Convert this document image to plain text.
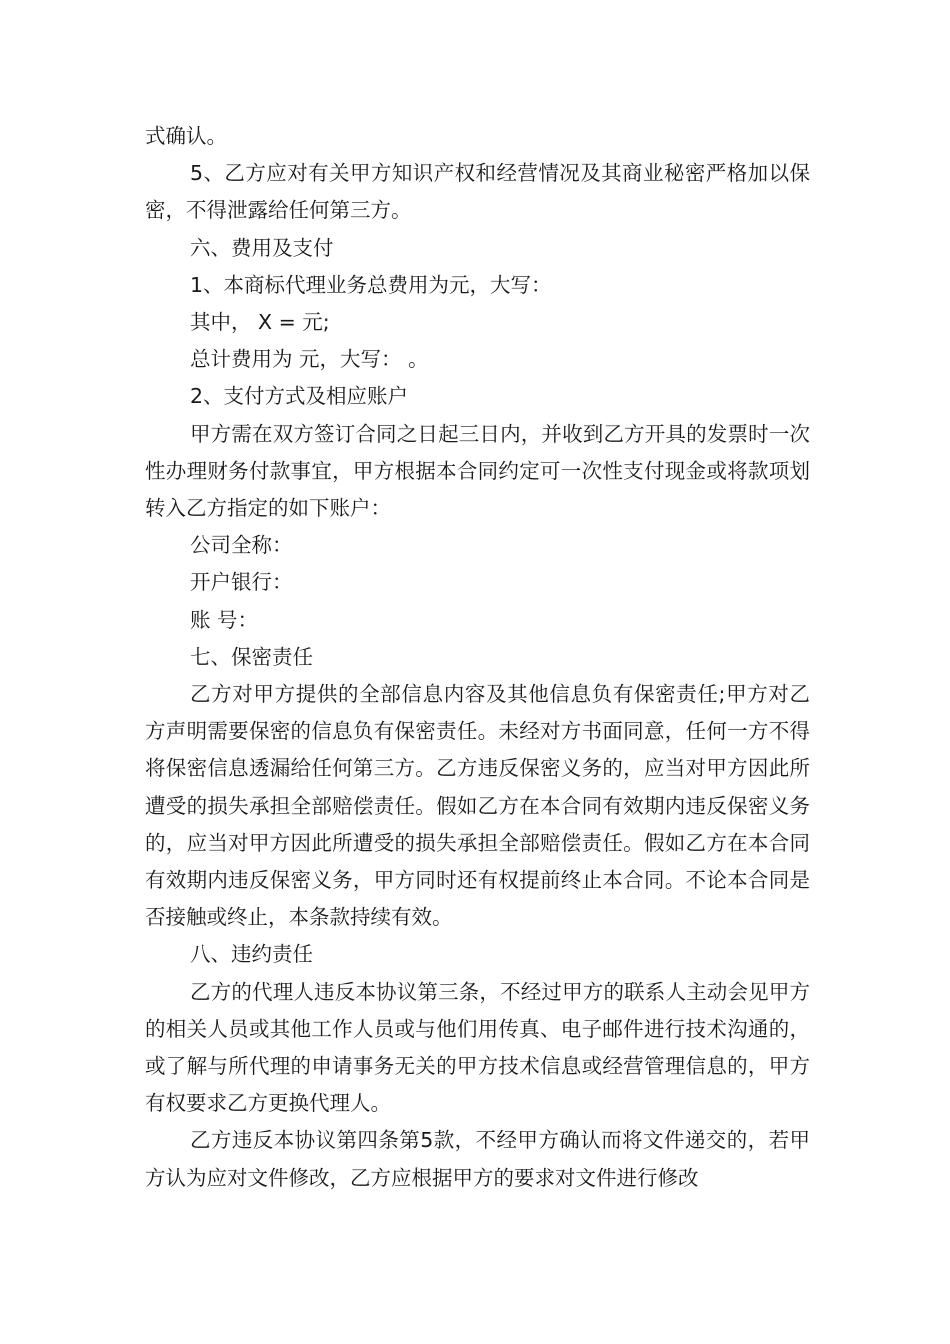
式确认。

5、乙方应对有关甲方知识产权和经营情况及其商业秘密严格加以保密，不得泄露给任何第三方。

六、费用及支付

1、本商标代理业务总费用为元，大写：

其中， X = 元;

总计费用为 元，大写： 。

2、支付方式及相应账户

甲方需在双方签订合同之日起三日内，并收到乙方开具的发票时一次性办理财务付款事宜，甲方根据本合同约定可一次性支付现金或将款项划转入乙方指定的如下账户：

公司全称：

开户银行：

账 号：

七、保密责任

乙方对甲方提供的全部信息内容及其他信息负有保密责任;甲方对乙方声明需要保密的信息负有保密责任。未经对方书面同意，任何一方不得将保密信息透漏给任何第三方。乙方违反保密义务的，应当对甲方因此所遭受的损失承担全部赔偿责任。假如乙方在本合同有效期内违反保密义务的，应当对甲方因此所遭受的损失承担全部赔偿责任。假如乙方在本合同有效期内违反保密义务，甲方同时还有权提前终止本合同。不论本合同是否接触或终止，本条款持续有效。

八、违约责任

乙方的代理人违反本协议第三条，不经过甲方的联系人主动会见甲方的相关人员或其他工作人员或与他们用传真、电子邮件进行技术沟通的，或了解与所代理的申请事务无关的甲方技术信息或经营管理信息的，甲方有权要求乙方更换代理人。

乙方违反本协议第四条第5款，不经甲方确认而将文件递交的，若甲方认为应对文件修改，乙方应根据甲方的要求对文件进行修改
